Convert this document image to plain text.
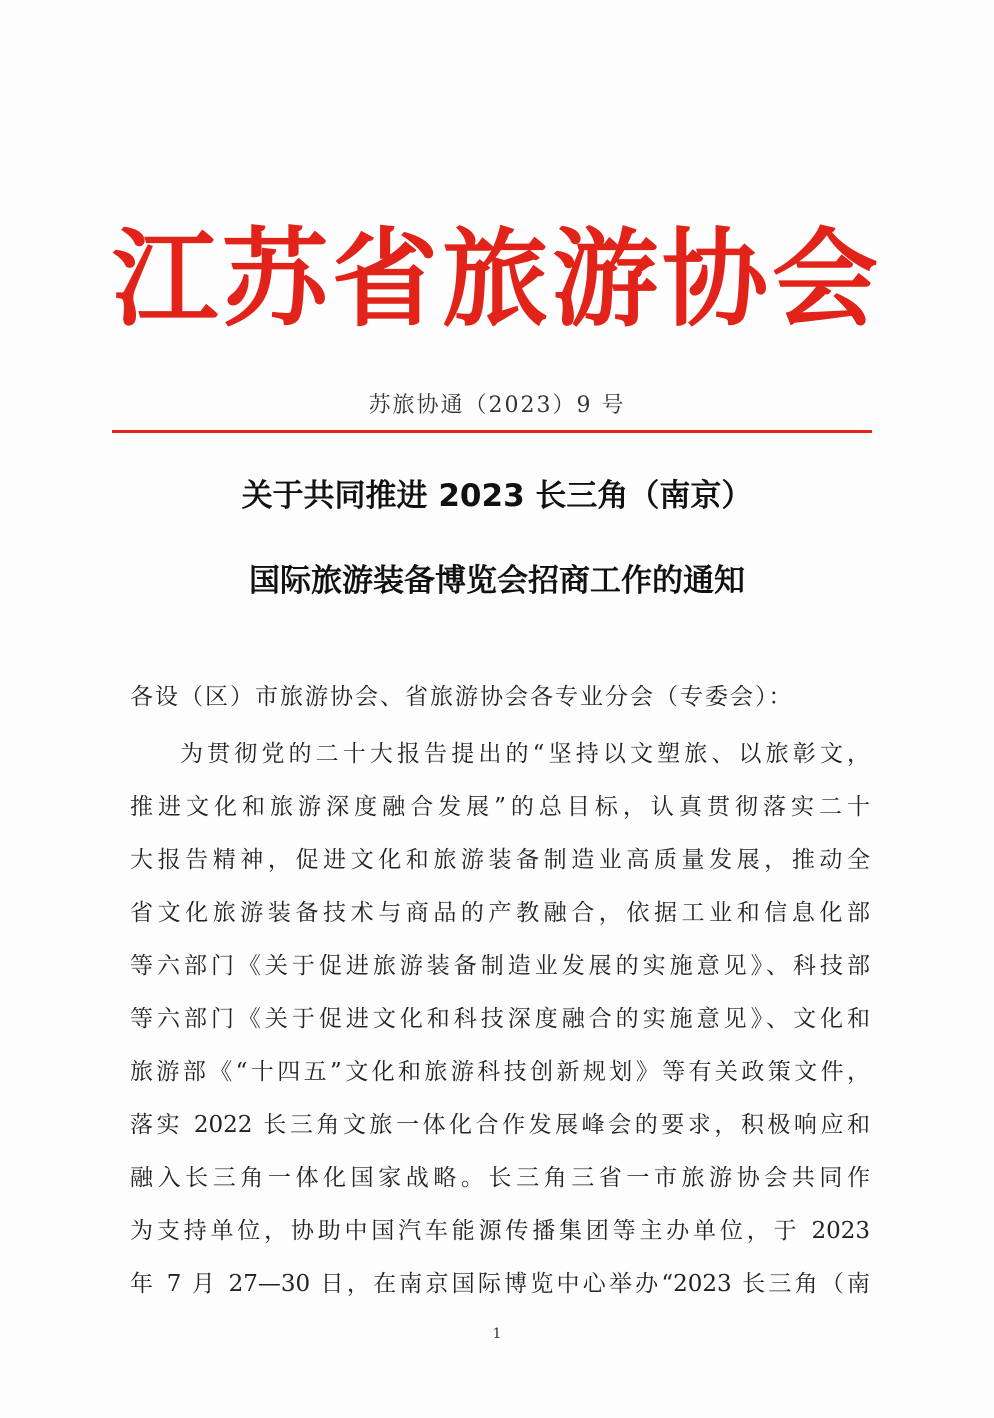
江苏省旅游协会
苏旅协通（2023）9 号
关于共同推进 2023 长三角（南京）
国际旅游装备博览会招商工作的通知
各设（区）市旅游协会、省旅游协会各专业分会（专委会）：
为贯彻党的二十大报告提出的“坚持以文塑旅、以旅彰文，
推进文化和旅游深度融合发展”的总目标，认真贯彻落实二十
大报告精神，促进文化和旅游装备制造业高质量发展，推动全
省文化旅游装备技术与商品的产教融合，依据工业和信息化部
等六部门《关于促进旅游装备制造业发展的实施意见》、科技部
等六部门《关于促进文化和科技深度融合的实施意见》、文化和
旅游部《“十四五”文化和旅游科技创新规划》等有关政策文件，
落实 2022 长三角文旅一体化合作发展峰会的要求，积极响应和
融入长三角一体化国家战略。长三角三省一市旅游协会共同作
为支持单位，协助中国汽车能源传播集团等主办单位，于 2023
年 7 月 27—30 日，在南京国际博览中心举办“2023 长三角（南
1
